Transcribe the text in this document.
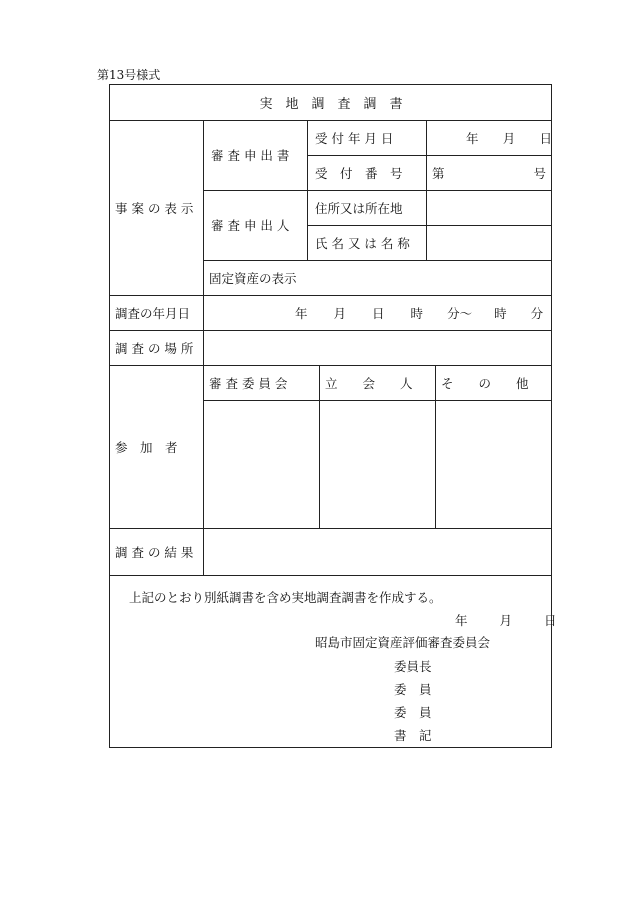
第13号様式
実　地　調　査　調　書
事 案 の 表 示
審 査 申 出 書
受 付 年 月 日	年 月 日
受　付　番　号	第	号
審 査 申 出 人
住所又は所在地
氏 名 又 は 名 称
固定資産の表示
調査の年月日	年 月 日 時 分～ 時 分
調 査 の 場 所
参　加　者
審 査 委 員 会	立　　会　　人	そ　　の　　他
調 査 の 結 果
上記のとおり別紙調書を含め実地調査調書を作成する。
年	月	日
昭島市固定資産評価審査委員会
委員長
委　員
委　員
書　記
